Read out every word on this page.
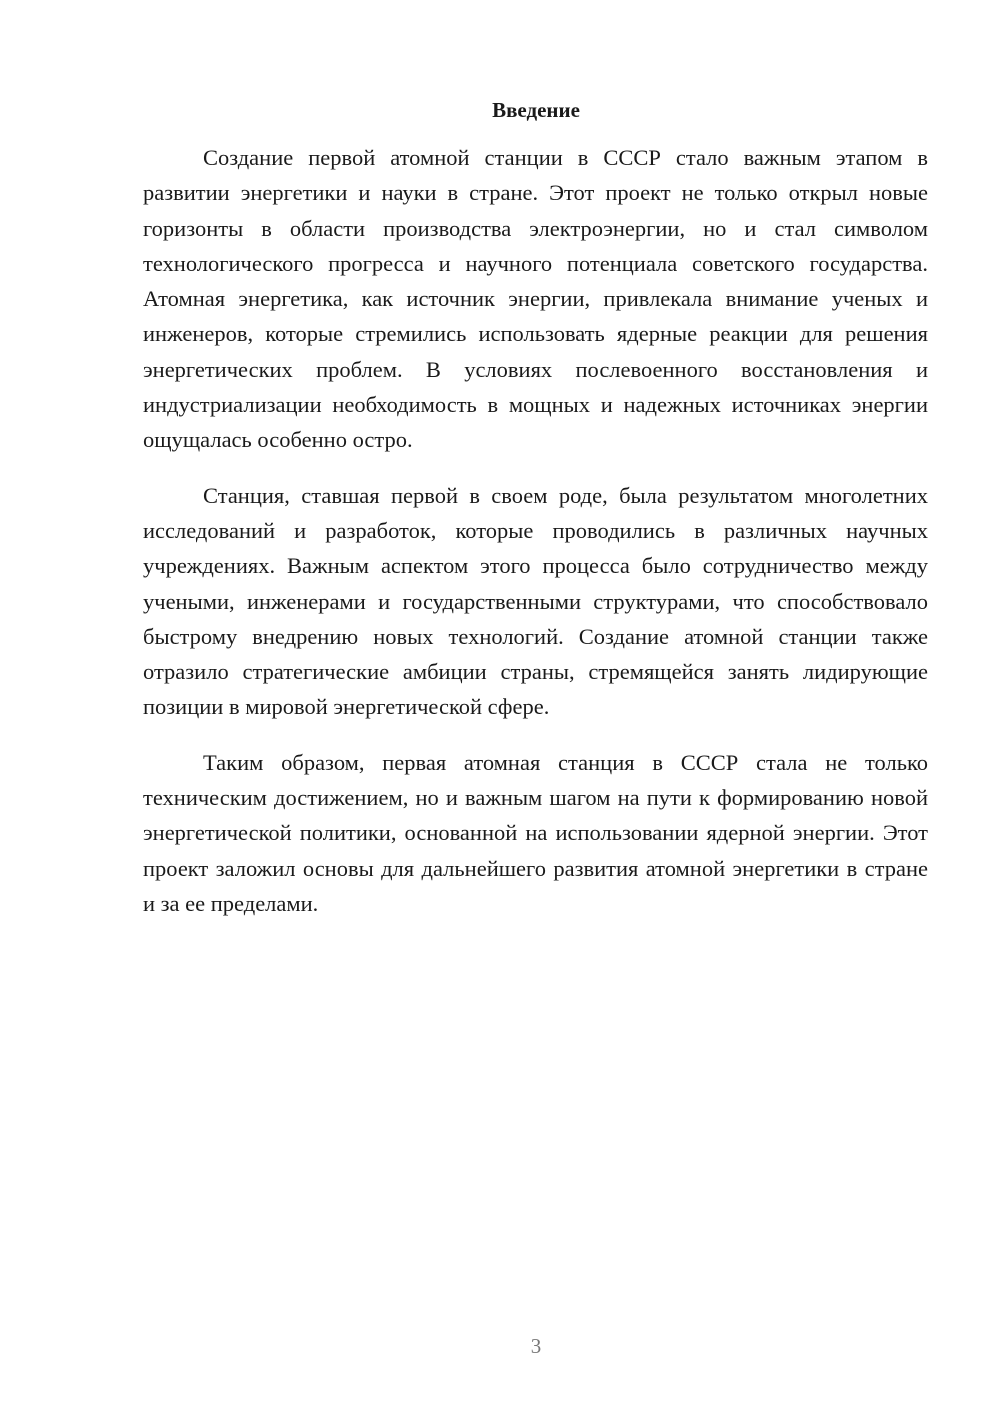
Введение

Создание первой атомной станции в СССР стало важным этапом в развитии энергетики и науки в стране. Этот проект не только открыл новые горизонты в области производства электроэнергии, но и стал символом технологического прогресса и научного потенциала советского государства. Атомная энергетика, как источник энергии, привлекала внимание ученых и инженеров, которые стремились использовать ядерные реакции для решения энергетических проблем. В условиях послевоенного восстановления и индустриализации необходимость в мощных и надежных источниках энергии ощущалась особенно остро.

Станция, ставшая первой в своем роде, была результатом многолетних исследований и разработок, которые проводились в различных научных учреждениях. Важным аспектом этого процесса было сотрудничество между учеными, инженерами и государственными структурами, что способствовало быстрому внедрению новых технологий. Создание атомной станции также отразило стратегические амбиции страны, стремящейся занять лидирующие позиции в мировой энергетической сфере.

Таким образом, первая атомная станция в СССР стала не только техническим достижением, но и важным шагом на пути к формированию новой энергетической политики, основанной на использовании ядерной энергии. Этот проект заложил основы для дальнейшего развития атомной энергетики в стране и за ее пределами.

3
